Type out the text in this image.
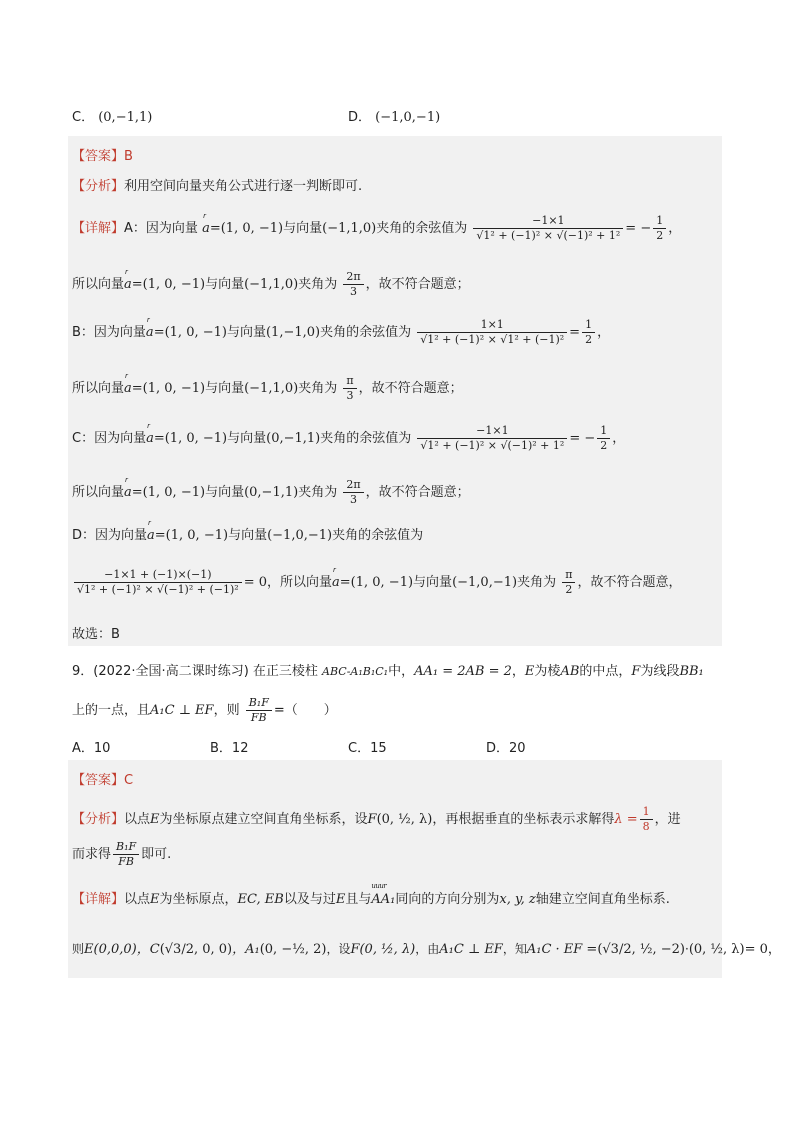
C． (0,−1,1)	D． (−1,0,−1)
【答案】B
【分析】利用空间向量夹角公式进行逐一判断即可.
【详解】A：因为向量 r a=(1, 0, −1)与向量(−1,1,0)夹角的余弦值为 $\frac{-1\times 1}{\text{√1² + (−1)² × √(−1)² + 1²}}$ = − $\frac{1}{2}$ ，
所以向量r a=(1, 0, −1)与向量(−1,1,0)夹角为 $\frac{2\pi}{3}$ ，故不符合题意；
B：因为向量r a=(1, 0, −1)与向量(1,−1,0)夹角的余弦值为 $\frac{1\times 1}{\text{√1² + (−1)² × √1² + (−1)²}} = \frac{1}{2}$ ，
所以向量r a=(1, 0, −1)与向量(−1,1,0)夹角为 $\frac{\pi}{3}$ ，故不符合题意；
C：因为向量r a=(1, 0, −1)与向量(0,−1,1)夹角的余弦值为 $\frac{-1\times 1}{\text{√1² + (−1)² × √(−1)² + 1²}}$ = − $\frac{1}{2}$ ，
所以向量r a=(1, 0, −1)与向量(0,−1,1)夹角为 $\frac{2\pi}{3}$ ，故不符合题意；
D：因为向量r a=(1, 0, −1)与向量(−1,0,−1)夹角的余弦值为
$\frac{-1\times 1 + (-1)\times(-1)}{\text{√1² + (−1)² × √(−1)² + (−1)²}} = 0$，所以向量r a=(1, 0, −1)与向量(−1,0,−1)夹角为 $\frac{\pi}{2}$ ，故不符合题意，
故选：B
9．(2022·全国·高二课时练习) 在正三棱柱 ABC-A₁B₁C₁中，AA₁ = 2AB = 2，E为棱AB的中点，F为线段BB₁
上的一点，且A₁C ⊥ EF，则 $\frac{\text{B₁F}}{FB}$ =（　　）
A．10	B．12	C．15	D．20
【答案】C
【分析】以点E为坐标原点建立空间直角坐标系，设F(0, ½, λ)，再根据垂直的坐标表示求解得$\lambda = \frac{1}{8}$ ，进
而求得 $\frac{\text{B₁F}}{FB}$ 即可.
【详解】以点E为坐标原点，EC, EB以及与过E且与uuur AA₁同向的方向分别为x, y, z轴建立空间直角坐标系.
则E(0,0,0)，C(√3/2, 0, 0)，A₁(0, −½, 2)，设F(0, ½, λ)，由A₁C ⊥ EF，知A₁C · EF =(√3/2, ½, −2)·(0, ½, λ)= 0，
